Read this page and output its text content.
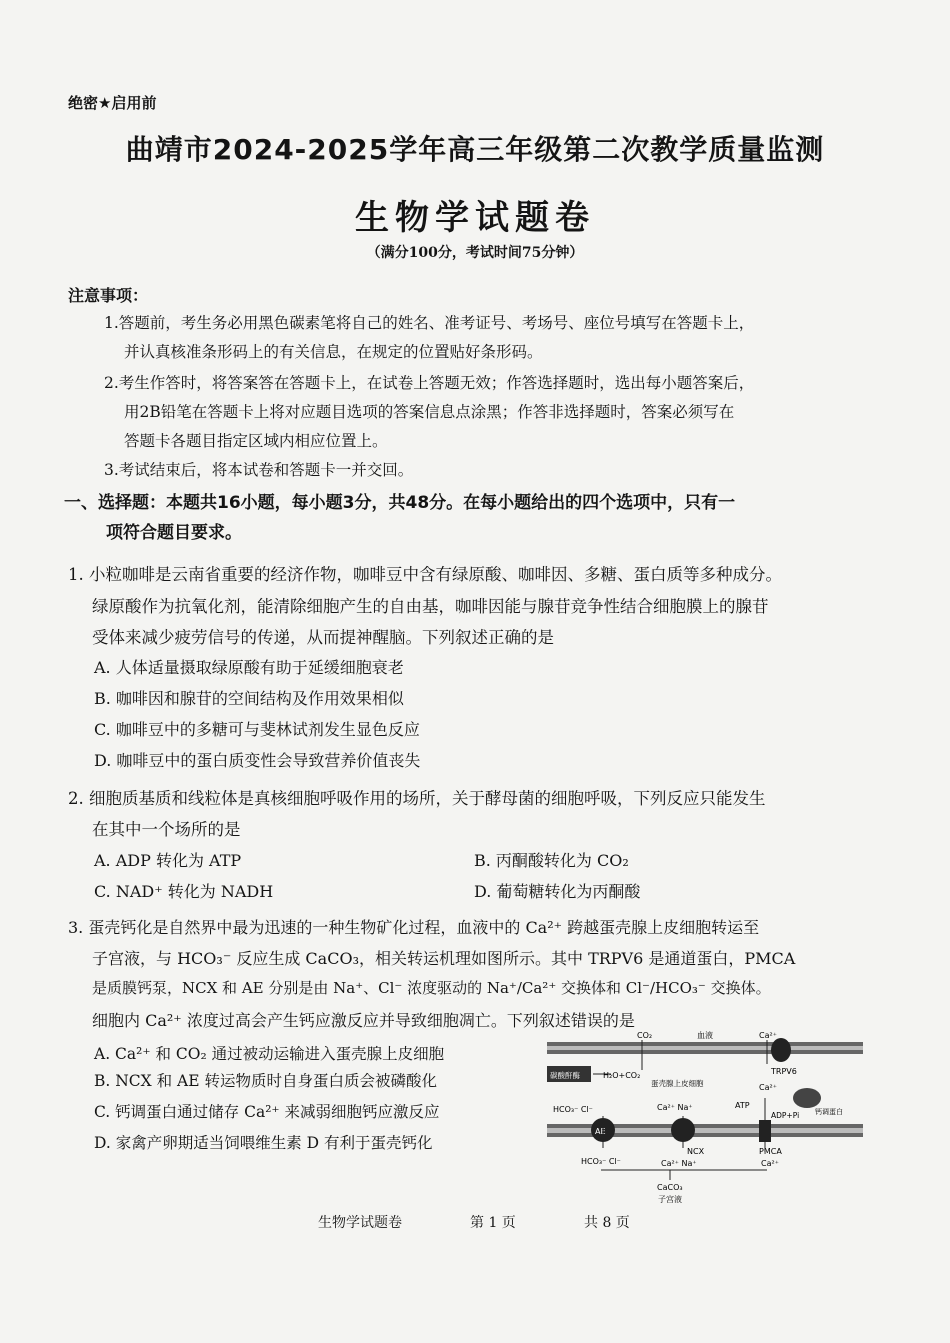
绝密★启用前
曲靖市2024-2025学年高三年级第二次教学质量监测
生物学试题卷
（满分100分，考试时间75分钟）
注意事项：
1.答题前，考生务必用黑色碳素笔将自己的姓名、准考证号、考场号、座位号填写在答题卡上，
并认真核准条形码上的有关信息，在规定的位置贴好条形码。
2.考生作答时，将答案答在答题卡上，在试卷上答题无效；作答选择题时，选出每小题答案后，
用2B铅笔在答题卡上将对应题目选项的答案信息点涂黑；作答非选择题时，答案必须写在
答题卡各题目指定区域内相应位置上。
3.考试结束后，将本试卷和答题卡一并交回。
一、选择题：本题共16小题，每小题3分，共48分。在每小题给出的四个选项中，只有一
项符合题目要求。
1. 小粒咖啡是云南省重要的经济作物，咖啡豆中含有绿原酸、咖啡因、多糖、蛋白质等多种成分。
绿原酸作为抗氧化剂，能清除细胞产生的自由基，咖啡因能与腺苷竞争性结合细胞膜上的腺苷
受体来减少疲劳信号的传递，从而提神醒脑。下列叙述正确的是
A. 人体适量摄取绿原酸有助于延缓细胞衰老
B. 咖啡因和腺苷的空间结构及作用效果相似
C. 咖啡豆中的多糖可与斐林试剂发生显色反应
D. 咖啡豆中的蛋白质变性会导致营养价值丧失
2. 细胞质基质和线粒体是真核细胞呼吸作用的场所，关于酵母菌的细胞呼吸，下列反应只能发生
在其中一个场所的是
A. ADP 转化为 ATP	B. 丙酮酸转化为 CO₂
C. NAD⁺ 转化为 NADH	D. 葡萄糖转化为丙酮酸
3. 蛋壳钙化是自然界中最为迅速的一种生物矿化过程，血液中的 Ca²⁺ 跨越蛋壳腺上皮细胞转运至
子宫液，与 HCO₃⁻ 反应生成 CaCO₃，相关转运机理如图所示。其中 TRPV6 是通道蛋白，PMCA
是质膜钙泵，NCX 和 AE 分别是由 Na⁺、Cl⁻ 浓度驱动的 Na⁺/Ca²⁺ 交换体和 Cl⁻/HCO₃⁻ 交换体。
细胞内 Ca²⁺ 浓度过高会产生钙应激反应并导致细胞凋亡。下列叙述错误的是
A. Ca²⁺ 和 CO₂ 通过被动运输进入蛋壳腺上皮细胞
B. NCX 和 AE 转运物质时自身蛋白质会被磷酸化
C. 钙调蛋白通过储存 Ca²⁺ 来减弱细胞钙应激反应
D. 家禽产卵期适当饲喂维生素 D 有利于蛋壳钙化
CO₂	血液	Ca²⁺
碳酸酐酶	H₂O+CO₂	TRPV6
蛋壳腺上皮细胞	Ca²⁺
钙调蛋白
HCO₃⁻ Cl⁻	Ca²⁺ Na⁺	ATP
ADP+Pi
AE
NCX	PMCA
HCO₃⁻ Cl⁻	Ca²⁺ Na⁺	Ca²⁺
CaCO₃
子宫液
生物学试题卷	第 1 页	共 8 页
